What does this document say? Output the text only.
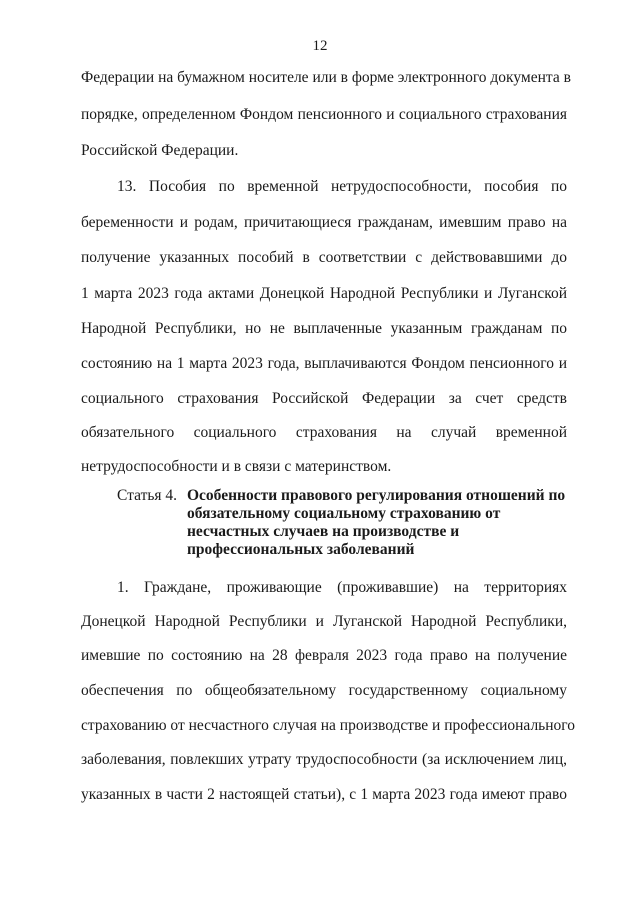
12
Федерации на бумажном носителе или в форме электронного документа в
порядке, определенном Фондом пенсионного и социального страхования
Российской Федерации.
13. Пособия по временной нетрудоспособности, пособия по
беременности и родам, причитающиеся гражданам, имевшим право на
получение указанных пособий в соответствии с действовавшими до
1 марта 2023 года актами Донецкой Народной Республики и Луганской
Народной Республики, но не выплаченные указанным гражданам по
состоянию на 1 марта 2023 года, выплачиваются Фондом пенсионного и
социального страхования Российской Федерации за счет средств
обязательного социального страхования на случай временной
нетрудоспособности и в связи с материнством.
Статья 4. Особенности правового регулирования отношений по
обязательному социальному страхованию от
несчастных случаев на производстве и
профессиональных заболеваний
1. Граждане, проживающие (проживавшие) на территориях
Донецкой Народной Республики и Луганской Народной Республики,
имевшие по состоянию на 28 февраля 2023 года право на получение
обеспечения по общеобязательному государственному социальному
страхованию от несчастного случая на производстве и профессионального
заболевания, повлекших утрату трудоспособности (за исключением лиц,
указанных в части 2 настоящей статьи), с 1 марта 2023 года имеют право
